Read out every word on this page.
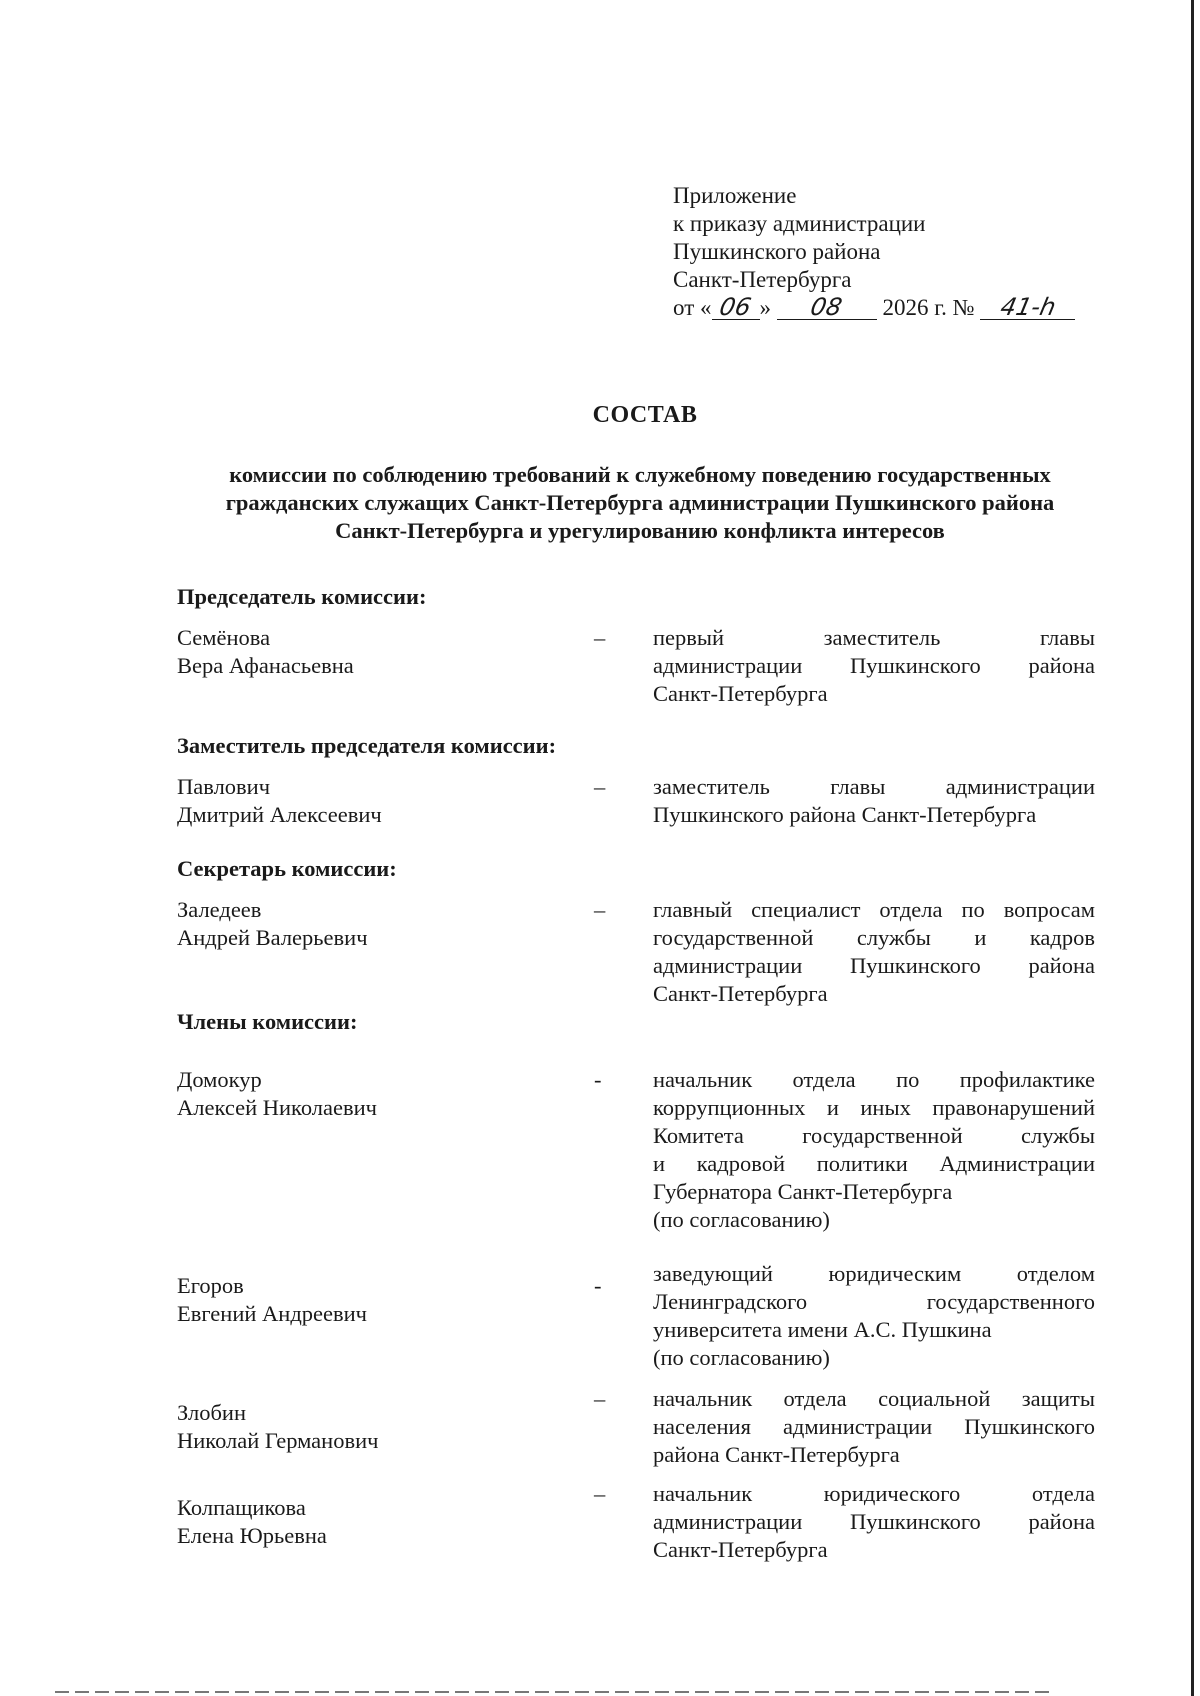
Приложение
к приказу администрации
Пушкинского района
Санкт-Петербурга
от « 06 » 08 2026 г. № 41-h
СОСТАВ
комиссии по соблюдению требований к служебному поведению государственных
гражданских служащих Санкт-Петербурга администрации Пушкинского района
Санкт-Петербурга и урегулированию конфликта интересов
Председатель комиссии:
Семёнова
Вера Афанасьевна
– первый	заместитель	главы
администрации Пушкинского района
Санкт-Петербурга
Заместитель председателя комиссии:
Павлович
Дмитрий Алексеевич
– заместитель	главы	администрации
Пушкинского района Санкт-Петербурга
Секретарь комиссии:
Заледеев
Андрей Валерьевич
– главный специалист отдела по вопросам
государственной службы и кадров
администрации Пушкинского района
Санкт-Петербурга
Члены комиссии:
Домокур
Алексей Николаевич
- начальник отдела по профилактике
коррупционных и иных правонарушений
Комитета	государственной	службы
и кадровой политики Администрации
Губернатора Санкт-Петербурга
(по согласованию)
Егоров
Евгений Андреевич
- заведующий юридическим отделом
Ленинградского	государственного
университета имени А.С. Пушкина
(по согласованию)
Злобин
Николай Германович
– начальник отдела социальной защиты
населения администрации Пушкинского
района Санкт-Петербурга
Колпащикова
Елена Юрьевна
– начальник	юридического	отдела
администрации Пушкинского района
Санкт-Петербурга
